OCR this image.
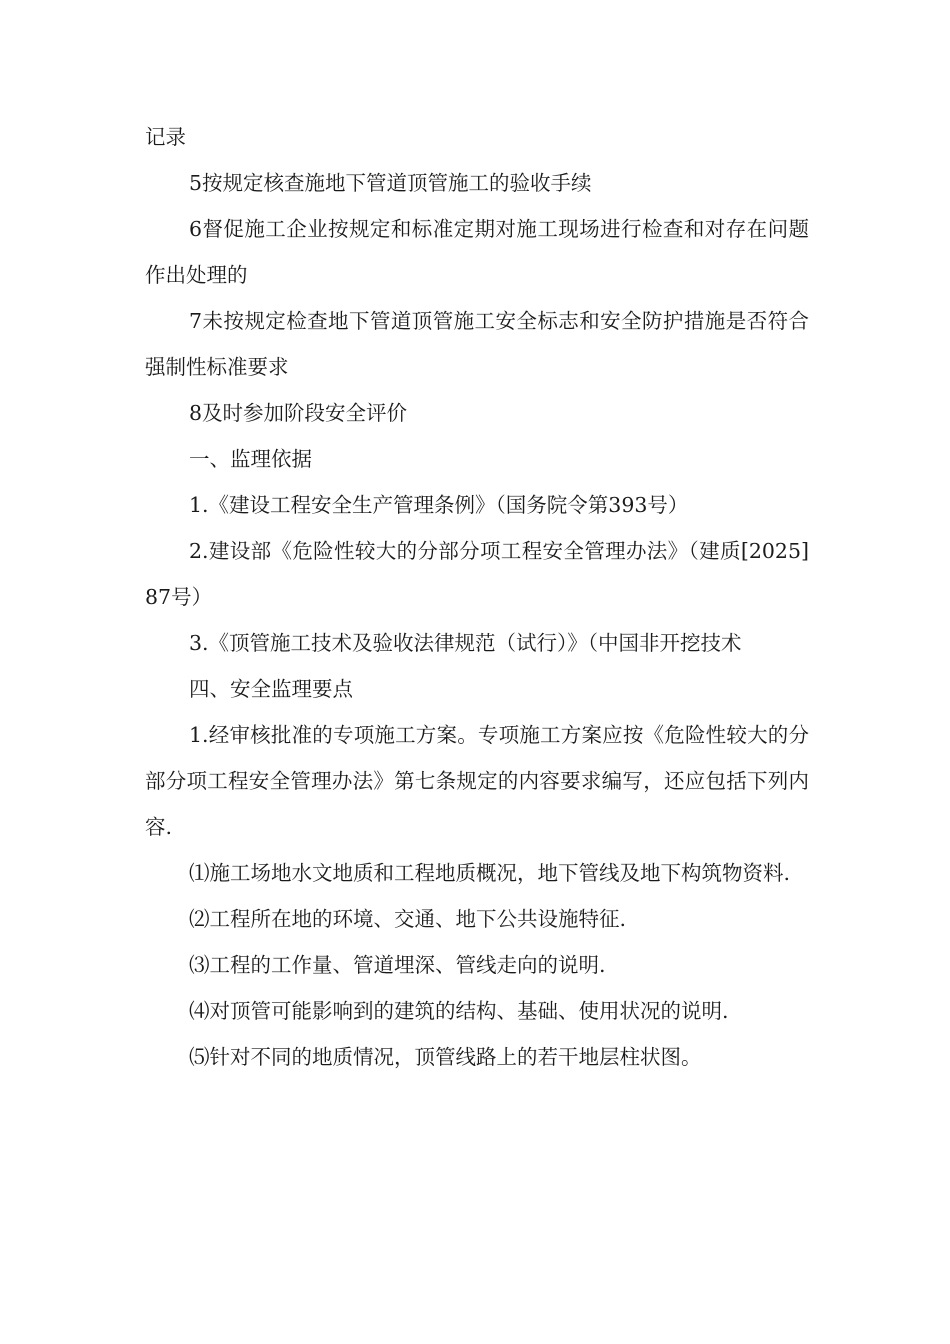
记录

5按规定核查施地下管道顶管施工的验收手续

6督促施工企业按规定和标准定期对施工现场进行检查和对存在问题作出处理的

7未按规定检查地下管道顶管施工安全标志和安全防护措施是否符合强制性标准要求

8及时参加阶段安全评价

一、监理依据

1.《建设工程安全生产管理条例》（国务院令第393号）

2.建设部《危险性较大的分部分项工程安全管理办法》（建质[2025]87号）

3.《顶管施工技术及验收法律规范（试行）》（中国非开挖技术

四、安全监理要点

1.经审核批准的专项施工方案。专项施工方案应按《危险性较大的分部分项工程安全管理办法》第七条规定的内容要求编写，还应包括下列内容.

⑴施工场地水文地质和工程地质概况，地下管线及地下构筑物资料.

⑵工程所在地的环境、交通、地下公共设施特征.

⑶工程的工作量、管道埋深、管线走向的说明.

⑷对顶管可能影响到的建筑的结构、基础、使用状况的说明.

⑸针对不同的地质情况，顶管线路上的若干地层柱状图。
